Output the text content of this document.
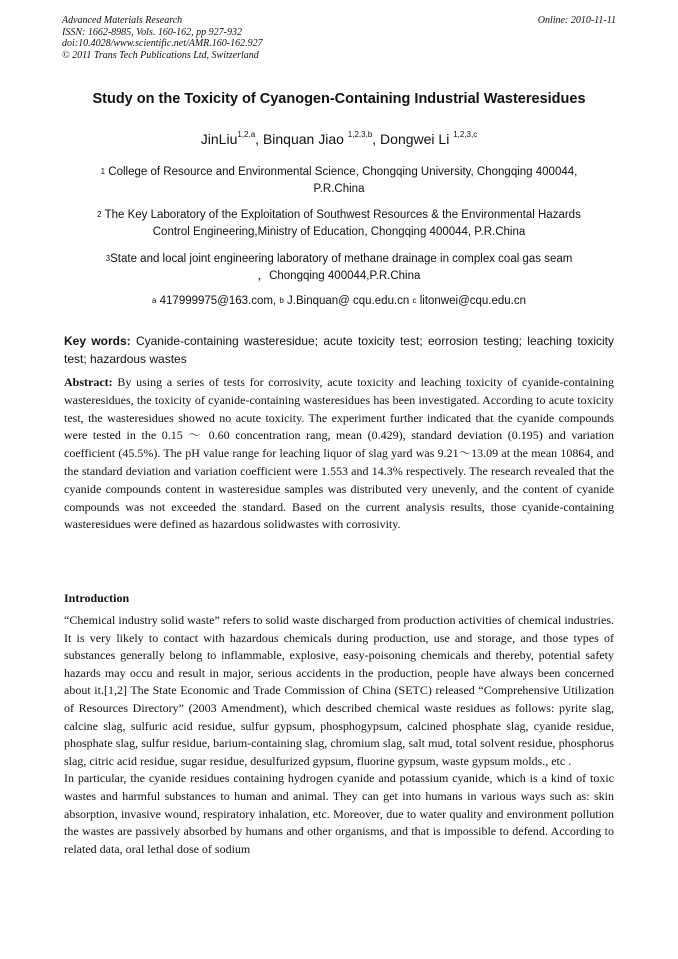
Advanced Materials Research
ISSN: 1662-8985, Vols. 160-162, pp 927-932
doi:10.4028/www.scientific.net/AMR.160-162.927
© 2011 Trans Tech Publications Ltd, Switzerland
Online: 2010-11-11
Study on the Toxicity of Cyanogen-Containing Industrial Wasteresidues
JinLiu$^{1,2,a}$, Binquan Jiao $^{1,2,3,b}$, Dongwei Li $^{1,2,3,c}$
$^1$ College of Resource and Environmental Science, Chongqing University, Chongqing 400044,
P.R.China
$^2$ The Key Laboratory of the Exploitation of Southwest Resources & the Environmental Hazards
Control Engineering,Ministry of Education, Chongqing 400044, P.R.China
$^3$State and local joint engineering laboratory of methane drainage in complex coal gas seam
，Chongqing 400044,P.R.China
$^a$ 417999975@163.com, $^b$ J.Binquan@ cqu.edu.cn $^c$ litonwei@cqu.edu.cn
Key words: Cyanide-containing wasteresidue; acute toxicity test; eorrosion testing; leaching toxicity test; hazardous wastes
Abstract: By using a series of tests for corrosivity, acute toxicity and leaching toxicity of cyanide-containing wasteresidues, the toxicity of cyanide-containing wasteresidues has been investigated. According to acute toxicity test, the wasteresidues showed no acute toxicity. The experiment further indicated that the cyanide compounds were tested in the 0.15 ～ 0.60 concentration rang, mean (0.429), standard deviation (0.195) and variation coefficient (45.5%). The pH value range for leaching liquor of slag yard was 9.21～13.09 at the mean 10864, and the standard deviation and variation coefficient were 1.553 and 14.3% respectively. The research revealed that the cyanide compounds content in wasteresidue samples was distributed very unevenly, and the content of cyanide compounds was not exceeded the standard. Based on the current analysis results, those cyanide-containing wasteresidues were defined as hazardous solidwastes with corrosivity.
Introduction

“Chemical industry solid waste” refers to solid waste discharged from production activities of chemical industries. It is very likely to contact with hazardous chemicals during production, use and storage, and those types of substances generally belong to inflammable, explosive, easy-poisoning chemicals and thereby, potential safety hazards may occu and result in major, serious accidents in the production, people have always been concerned about it.[1,2] The State Economic and Trade Commission of China (SETC) released “Comprehensive Utilization of Resources Directory” (2003 Amendment), which described chemical waste residues as follows: pyrite slag, calcine slag, sulfuric acid residue, sulfur gypsum, phosphogypsum, calcined phosphate slag, cyanide residue, phosphate slag, sulfur residue, barium-containing slag, chromium slag, salt mud, total solvent residue, phosphorus slag, citric acid residue, sugar residue, desulfurized gypsum, fluorine gypsum, waste gypsum molds., etc .

In particular, the cyanide residues containing hydrogen cyanide and potassium cyanide, which is a kind of toxic wastes and harmful substances to human and animal. They can get into humans in various ways such as: skin absorption, invasive wound, respiratory inhalation, etc. Moreover, due to water quality and environment pollution the wastes are passively absorbed by humans and other organisms, and that is impossible to defend. According to related data, oral lethal dose of sodium
